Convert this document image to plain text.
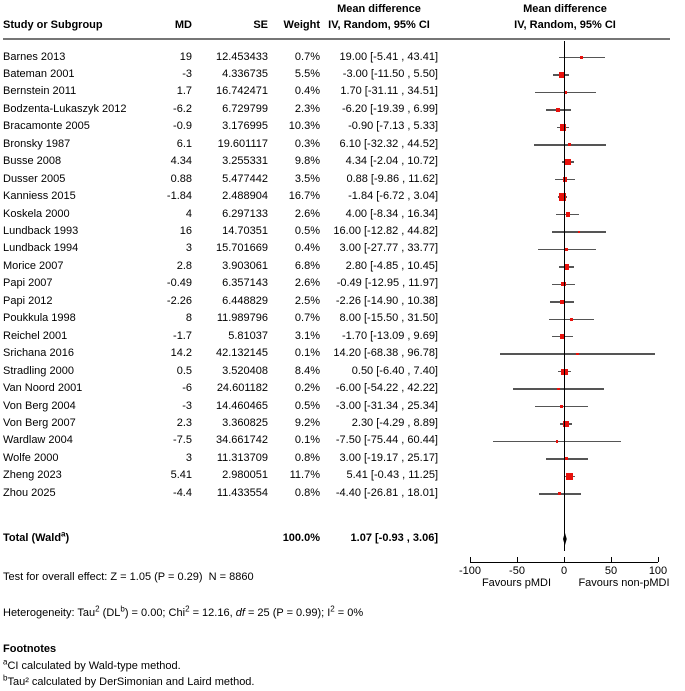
Mean difference
IV, Random, 95% CI
Mean difference
IV, Random, 95% CI
Study or Subgroup	MD	SE	Weight
Barnes 2013	19	12.453433	0.7%	19.00 [-5.41 , 43.41]
Bateman 2001	-3	4.336735	5.5%	-3.00 [-11.50 , 5.50]
Bernstein 2011	1.7	16.742471	0.4%	1.70 [-31.11 , 34.51]
Bodzenta-Lukaszyk 2012	-6.2	6.729799	2.3%	-6.20 [-19.39 , 6.99]
Bracamonte 2005	-0.9	3.176995	10.3%	-0.90 [-7.13 , 5.33]
Bronsky 1987	6.1	19.601117	0.3%	6.10 [-32.32 , 44.52]
Busse 2008	4.34	3.255331	9.8%	4.34 [-2.04 , 10.72]
Dusser 2005	0.88	5.477442	3.5%	0.88 [-9.86 , 11.62]
Kanniess 2015	-1.84	2.488904	16.7%	-1.84 [-6.72 , 3.04]
Koskela 2000	4	6.297133	2.6%	4.00 [-8.34 , 16.34]
Lundback 1993	16	14.70351	0.5%	16.00 [-12.82 , 44.82]
Lundback 1994	3	15.701669	0.4%	3.00 [-27.77 , 33.77]
Morice 2007	2.8	3.903061	6.8%	2.80 [-4.85 , 10.45]
Papi 2007	-0.49	6.357143	2.6%	-0.49 [-12.95 , 11.97]
Papi 2012	-2.26	6.448829	2.5%	-2.26 [-14.90 , 10.38]
Poukkula 1998	8	11.989796	0.7%	8.00 [-15.50 , 31.50]
Reichel 2001	-1.7	5.81037	3.1%	-1.70 [-13.09 , 9.69]
Srichana 2016	14.2	42.132145	0.1%	14.20 [-68.38 , 96.78]
Stradling 2000	0.5	3.520408	8.4%	0.50 [-6.40 , 7.40]
Van Noord 2001	-6	24.601182	0.2%	-6.00 [-54.22 , 42.22]
Von Berg 2004	-3	14.460465	0.5%	-3.00 [-31.34 , 25.34]
Von Berg 2007	2.3	3.360825	9.2%	2.30 [-4.29 , 8.89]
Wardlaw 2004	-7.5	34.661742	0.1%	-7.50 [-75.44 , 60.44]
Wolfe 2000	3	11.313709	0.8%	3.00 [-19.17 , 25.17]
Zheng 2023	5.41	2.980051	11.7%	5.41 [-0.43 , 11.25]
Zhou 2025	-4.4	11.433554	0.8%	-4.40 [-26.81 , 18.01]
Total (Wald$^a$)	100.0%	1.07 [-0.93 , 3.06]
-100	-50	0	50	100
Favours pMDI	Favours non-pMDI
Test for overall effect: Z = 1.05 (P = 0.29)  N = 8860
Heterogeneity: Tau$^2$ $(DL^b) = 0.00$; Chi$^2$ = 12.16, df = 25 (P = 0.99); $I^2 = 0\%$
Footnotes
$^a$CI calculated by Wald-type method.
$^b$Tau² calculated by DerSimonian and Laird method.
